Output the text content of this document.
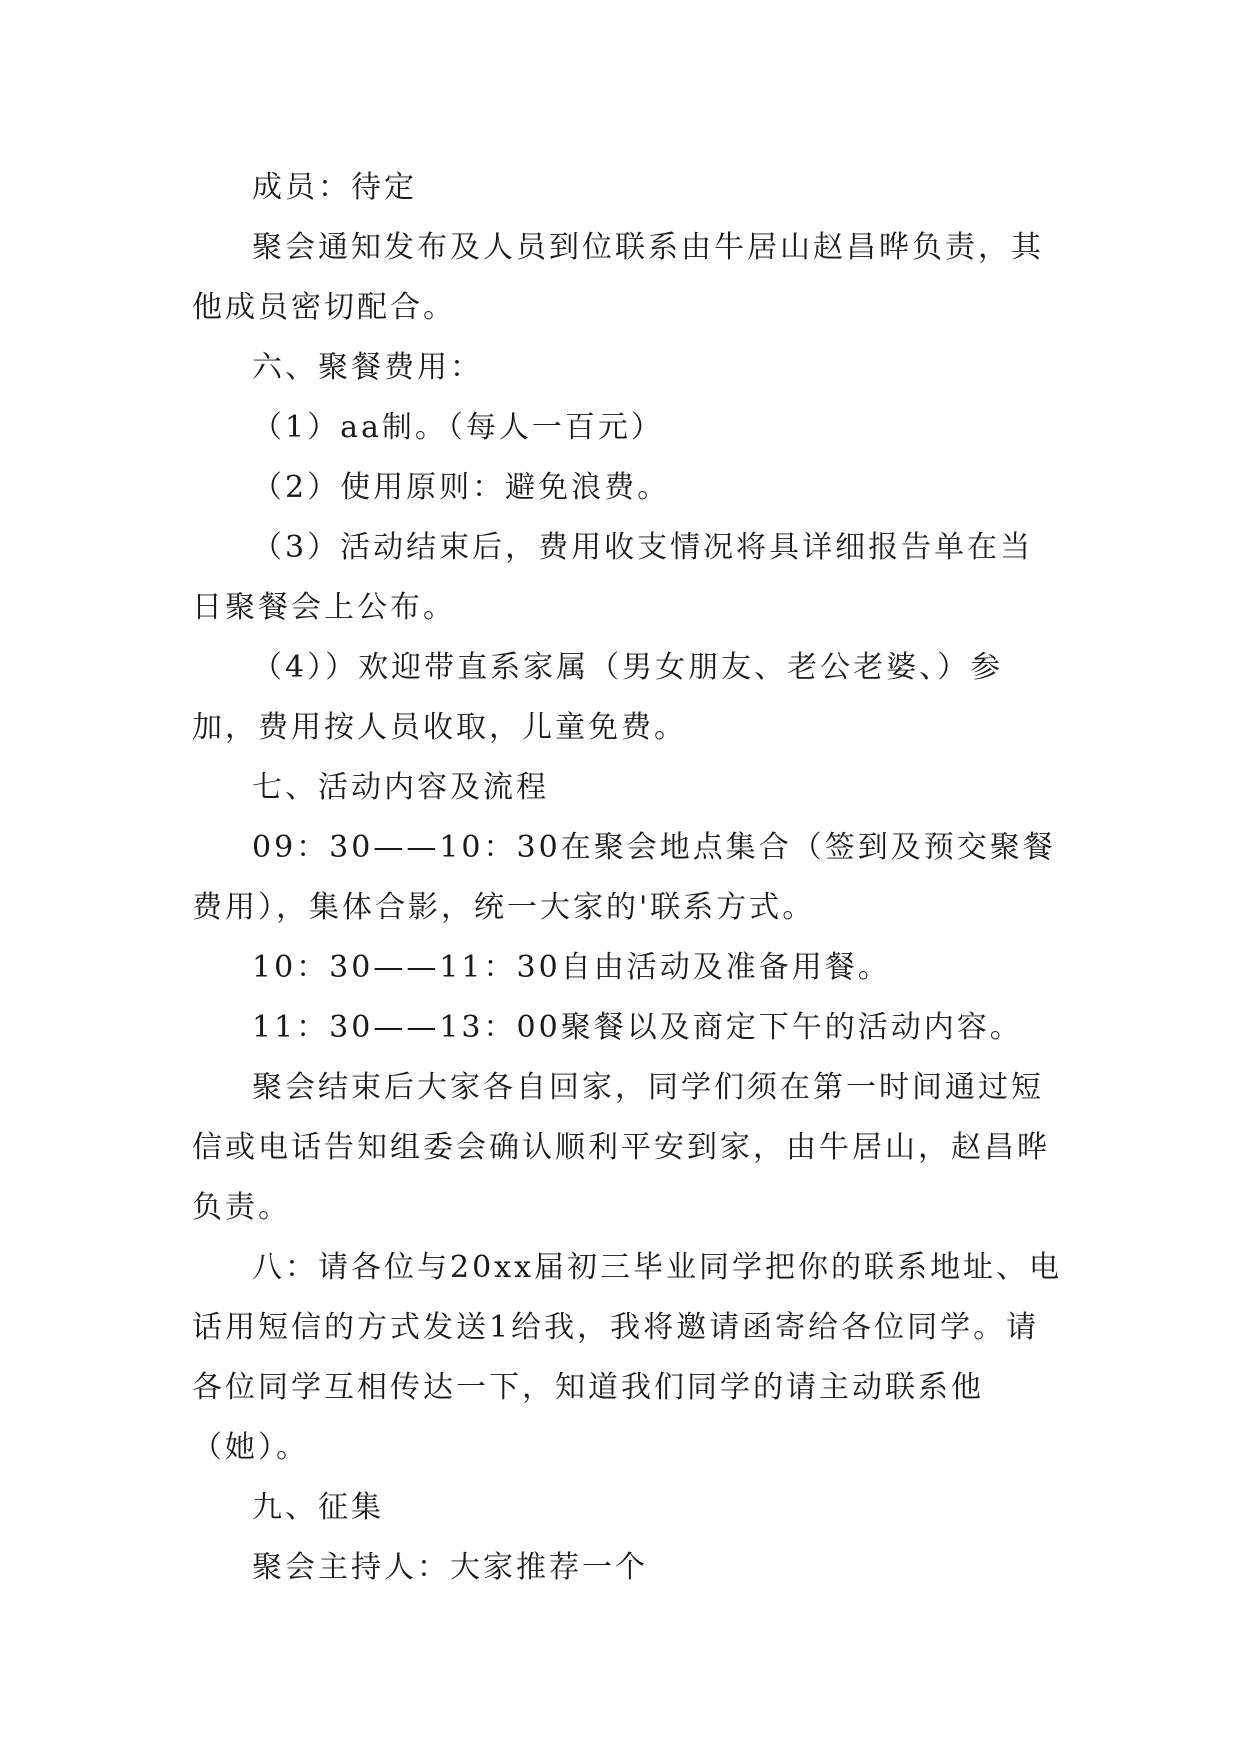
成员：待定

聚会通知发布及人员到位联系由牛居山赵昌晔负责，其他成员密切配合。

六、聚餐费用：

（1）aa制。（每人一百元）

（2）使用原则：避免浪费。

（3）活动结束后，费用收支情况将具详细报告单在当日聚餐会上公布。

（4））欢迎带直系家属（男女朋友、老公老婆、）参加，费用按人员收取，儿童免费。

七、活动内容及流程

09：30——10：30在聚会地点集合（签到及预交聚餐费用），集体合影，统一大家的'联系方式。

10：30——11：30自由活动及准备用餐。

11：30——13：00聚餐以及商定下午的活动内容。

聚会结束后大家各自回家，同学们须在第一时间通过短信或电话告知组委会确认顺利平安到家，由牛居山，赵昌晔负责。

八：请各位与20xx届初三毕业同学把你的联系地址、电话用短信的方式发送1给我，我将邀请函寄给各位同学。请各位同学互相传达一下，知道我们同学的请主动联系他（她）。

九、征集

聚会主持人：大家推荐一个
